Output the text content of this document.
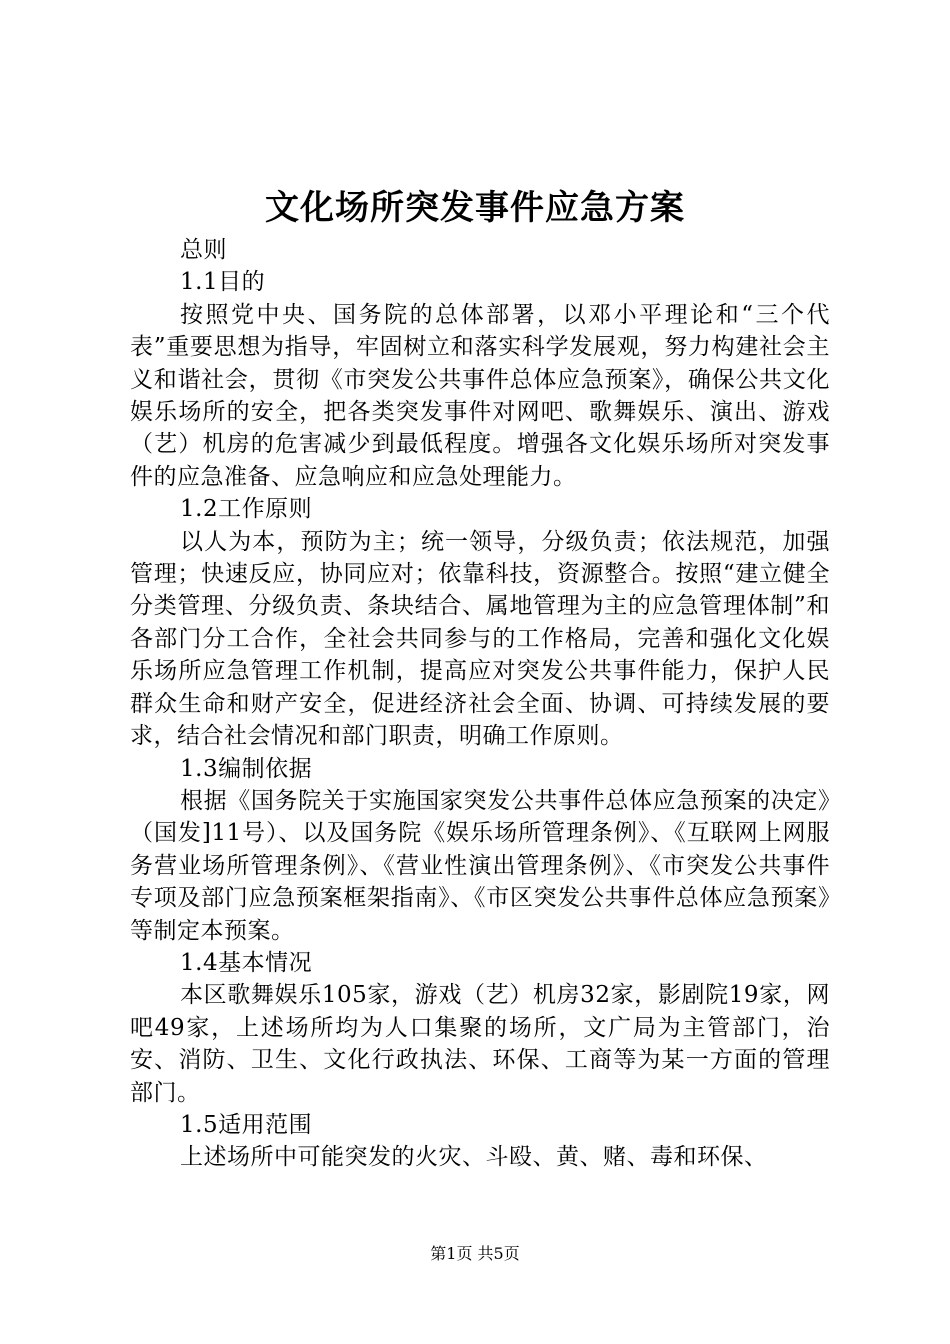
文化场所突发事件应急方案

总则

1.1目的

按照党中央、国务院的总体部署，以邓小平理论和“三个代表”重要思想为指导，牢固树立和落实科学发展观，努力构建社会主义和谐社会，贯彻《市突发公共事件总体应急预案》，确保公共文化娱乐场所的安全，把各类突发事件对网吧、歌舞娱乐、演出、游戏（艺）机房的危害减少到最低程度。增强各文化娱乐场所对突发事件的应急准备、应急响应和应急处理能力。

1.2工作原则

以人为本，预防为主；统一领导，分级负责；依法规范，加强管理；快速反应，协同应对；依靠科技，资源整合。按照“建立健全分类管理、分级负责、条块结合、属地管理为主的应急管理体制”和各部门分工合作，全社会共同参与的工作格局，完善和强化文化娱乐场所应急管理工作机制，提高应对突发公共事件能力，保护人民群众生命和财产安全，促进经济社会全面、协调、可持续发展的要求，结合社会情况和部门职责，明确工作原则。

1.3编制依据

根据《国务院关于实施国家突发公共事件总体应急预案的决定》（国发]11号）、以及国务院《娱乐场所管理条例》、《互联网上网服务营业场所管理条例》、《营业性演出管理条例》、《市突发公共事件专项及部门应急预案框架指南》、《市区突发公共事件总体应急预案》等制定本预案。

1.4基本情况

本区歌舞娱乐105家，游戏（艺）机房32家，影剧院19家，网吧49家，上述场所均为人口集聚的场所，文广局为主管部门，治安、消防、卫生、文化行政执法、环保、工商等为某一方面的管理部门。

1.5适用范围

上述场所中可能突发的火灾、斗殴、黄、赌、毒和环保、

第1页 共5页
